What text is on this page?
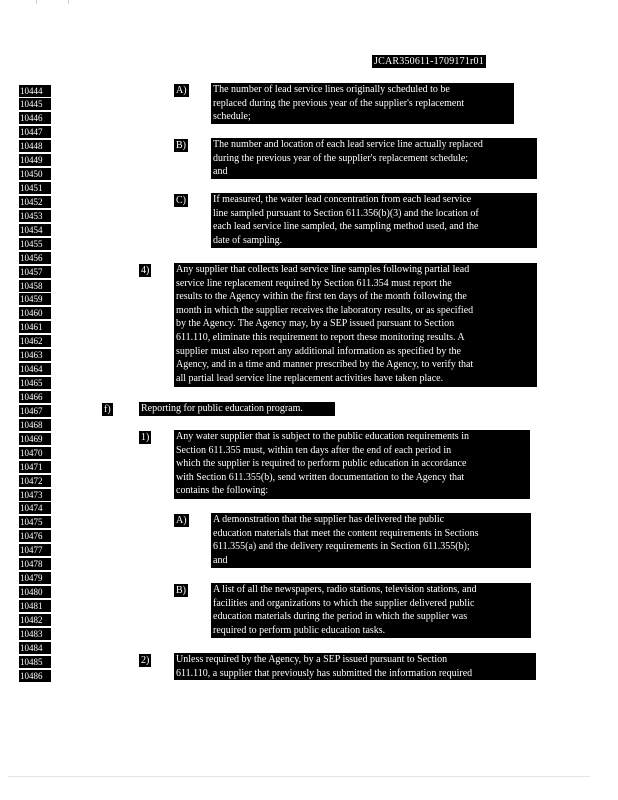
JCAR350611-1709171r01
10444
10445
10446
10447
10448
10449
10450
10451
10452
10453
10454
10455
10456
10457
10458
10459
10460
10461
10462
10463
10464
10465
10466
10467
10468
10469
10470
10471
10472
10473
10474
10475
10476
10477
10478
10479
10480
10481
10482
10483
10484
10485
10486
A)	The number of lead service lines originally scheduled to be
replaced during the previous year of the supplier's replacement
schedule;
B)	The number and location of each lead service line actually replaced
during the previous year of the supplier's replacement schedule;
and
C)	If measured, the water lead concentration from each lead service
line sampled pursuant to Section 611.356(b)(3) and the location of
each lead service line sampled, the sampling method used, and the
date of sampling.
4)	Any supplier that collects lead service line samples following partial lead
service line replacement required by Section 611.354 must report the
results to the Agency within the first ten days of the month following the
month in which the supplier receives the laboratory results, or as specified
by the Agency. The Agency may, by a SEP issued pursuant to Section
611.110, eliminate this requirement to report these monitoring results. A
supplier must also report any additional information as specified by the
Agency, and in a time and manner prescribed by the Agency, to verify that
all partial lead service line replacement activities have taken place.
f)	Reporting for public education program.
1)	Any water supplier that is subject to the public education requirements in
Section 611.355 must, within ten days after the end of each period in
which the supplier is required to perform public education in accordance
with Section 611.355(b), send written documentation to the Agency that
contains the following:
A)	A demonstration that the supplier has delivered the public
education materials that meet the content requirements in Sections
611.355(a) and the delivery requirements in Section 611.355(b);
and
B)	A list of all the newspapers, radio stations, television stations, and
facilities and organizations to which the supplier delivered public
education materials during the period in which the supplier was
required to perform public education tasks.
2)	Unless required by the Agency, by a SEP issued pursuant to Section
611.110, a supplier that previously has submitted the information required
